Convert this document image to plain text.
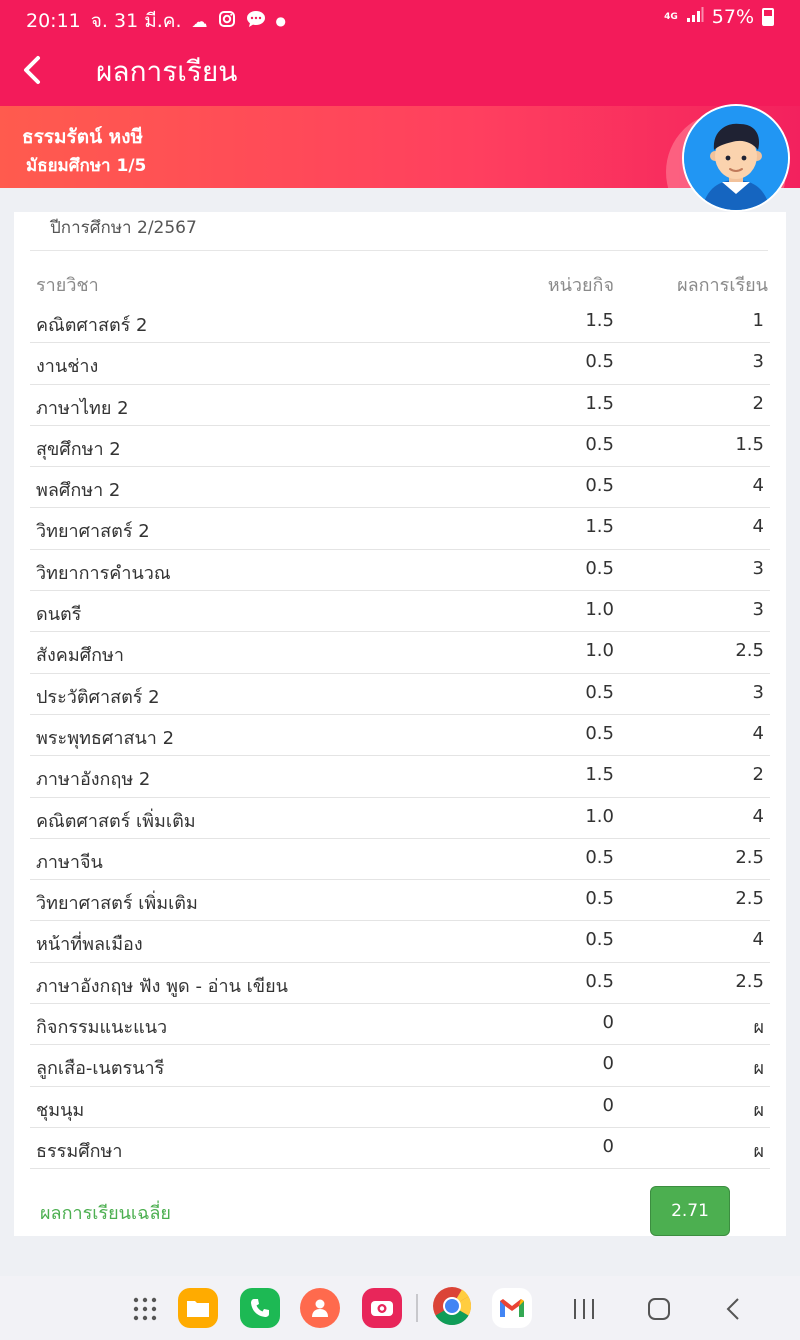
20:11 จ. 31 มี.ค. ☁	●	4G 57%
ผลการเรียน
ธรรมรัตน์ หงษี
มัธยมศึกษา 1/5
ปีการศึกษา 2/2567
รายวิชา	หน่วยกิจ	ผลการเรียน
คณิตศาสตร์ 2	1.5	1
งานช่าง	0.5	3
ภาษาไทย 2	1.5	2
สุขศึกษา 2	0.5	1.5
พลศึกษา 2	0.5	4
วิทยาศาสตร์ 2	1.5	4
วิทยาการคำนวณ	0.5	3
ดนตรี	1.0	3
สังคมศึกษา	1.0	2.5
ประวัติศาสตร์ 2	0.5	3
พระพุทธศาสนา 2	0.5	4
ภาษาอังกฤษ 2	1.5	2
คณิตศาสตร์ เพิ่มเติม	1.0	4
ภาษาจีน	0.5	2.5
วิทยาศาสตร์ เพิ่มเติม	0.5	2.5
หน้าที่พลเมือง	0.5	4
ภาษาอังกฤษ ฟัง พูด - อ่าน เขียน	0.5	2.5
กิจกรรมแนะแนว	0	ผ
ลูกเสือ-เนตรนารี	0	ผ
ชุมนุม	0	ผ
ธรรมศึกษา	0	ผ
ผลการเรียนเฉลี่ย	2.71
